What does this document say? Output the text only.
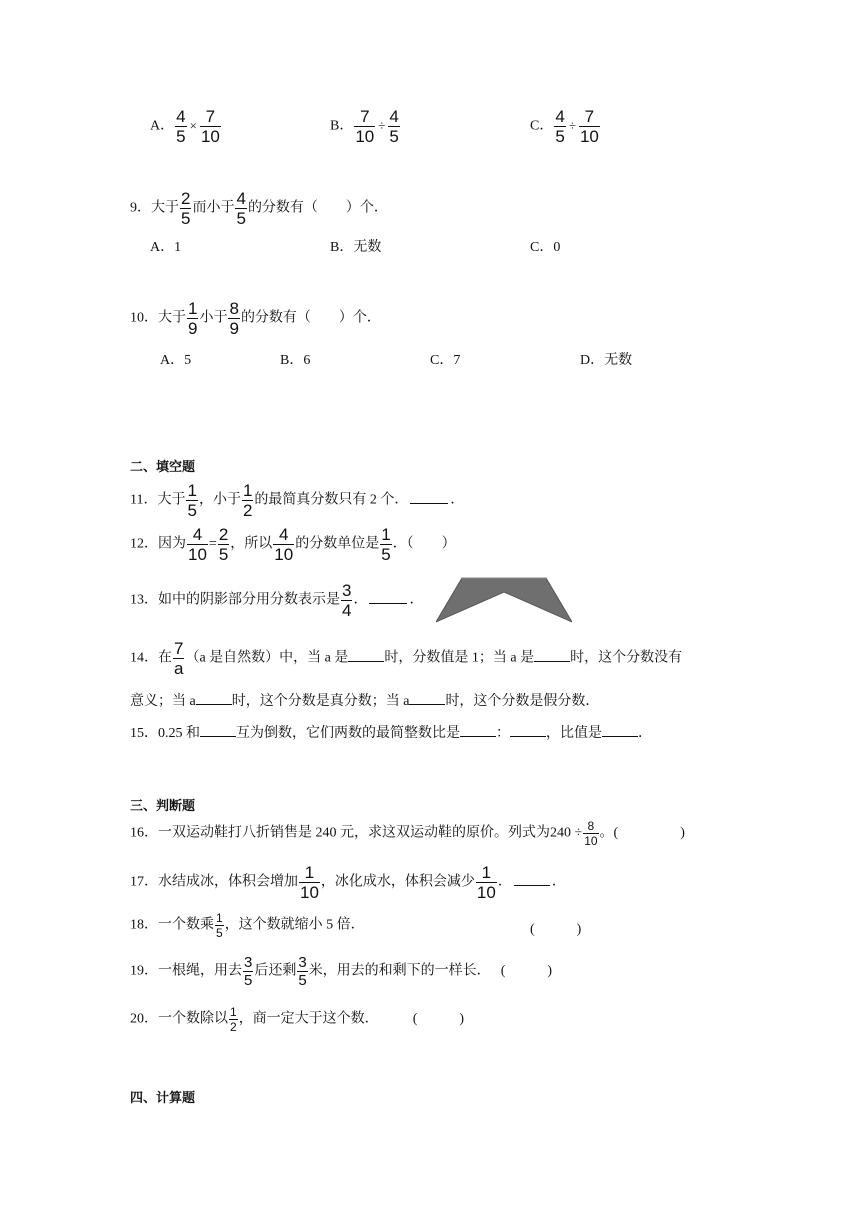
A． $\frac{4}{5} \times \frac{7}{10}$	B． $\frac{7}{10} \div \frac{4}{5}$	C． $\frac{4}{5} \div \frac{7}{10}$
9．大于 $\frac{2}{5}$ 而小于 $\frac{4}{5}$ 的分数有（　　）个．
A．1	B．无数	C．0
10．大于 $\frac{1}{9}$ 小于 $\frac{8}{9}$ 的分数有（　　）个．
A．5	B．6	C．7	D．无数
二、填空题
11．大于 $\frac{1}{5}$ ，小于 $\frac{1}{2}$ 的最简真分数只有 2 个．	．
12．因为 $\frac{4}{10} = \frac{2}{5}$ ，所以 $\frac{4}{10}$ 的分数单位是 $\frac{1}{5}$ ．（　　）
13．如中的阴影部分用分数表示是 $\frac{3}{4}$ ．	．
14．在 $\frac{7}{a} (a$ 是自然数）中，当 a 是	时，分数值是 1；当 a 是	时，这个分数没有
意义；当 a	时，这个分数是真分数；当 a	时，这个分数是假分数．
15．0.25 和	互为倒数，它们两数的最简整数比是	：	，比值是	．
三、判断题
16．一双运动鞋打八折销售是 240 元，求这双运动鞋的原价。列式为$240 \div \frac{8}{10}$ 。(	)
17．水结成冰，体积会增加 $\frac{1}{10}$ ，冰化成水，体积会减少 $\frac{1}{10}$ ．	．
18．一个数乘 $\frac{1}{5}$ ，这个数就缩小 5 倍．	(　　　)
19．一根绳，用去 $\frac{3}{5}$ 后还剩 $\frac{3}{5}$ 米，用去的和剩下的一样长． (　　　)
20．一个数除以 $\frac{1}{2}$ ，商一定大于这个数． (　　　)
四、计算题
